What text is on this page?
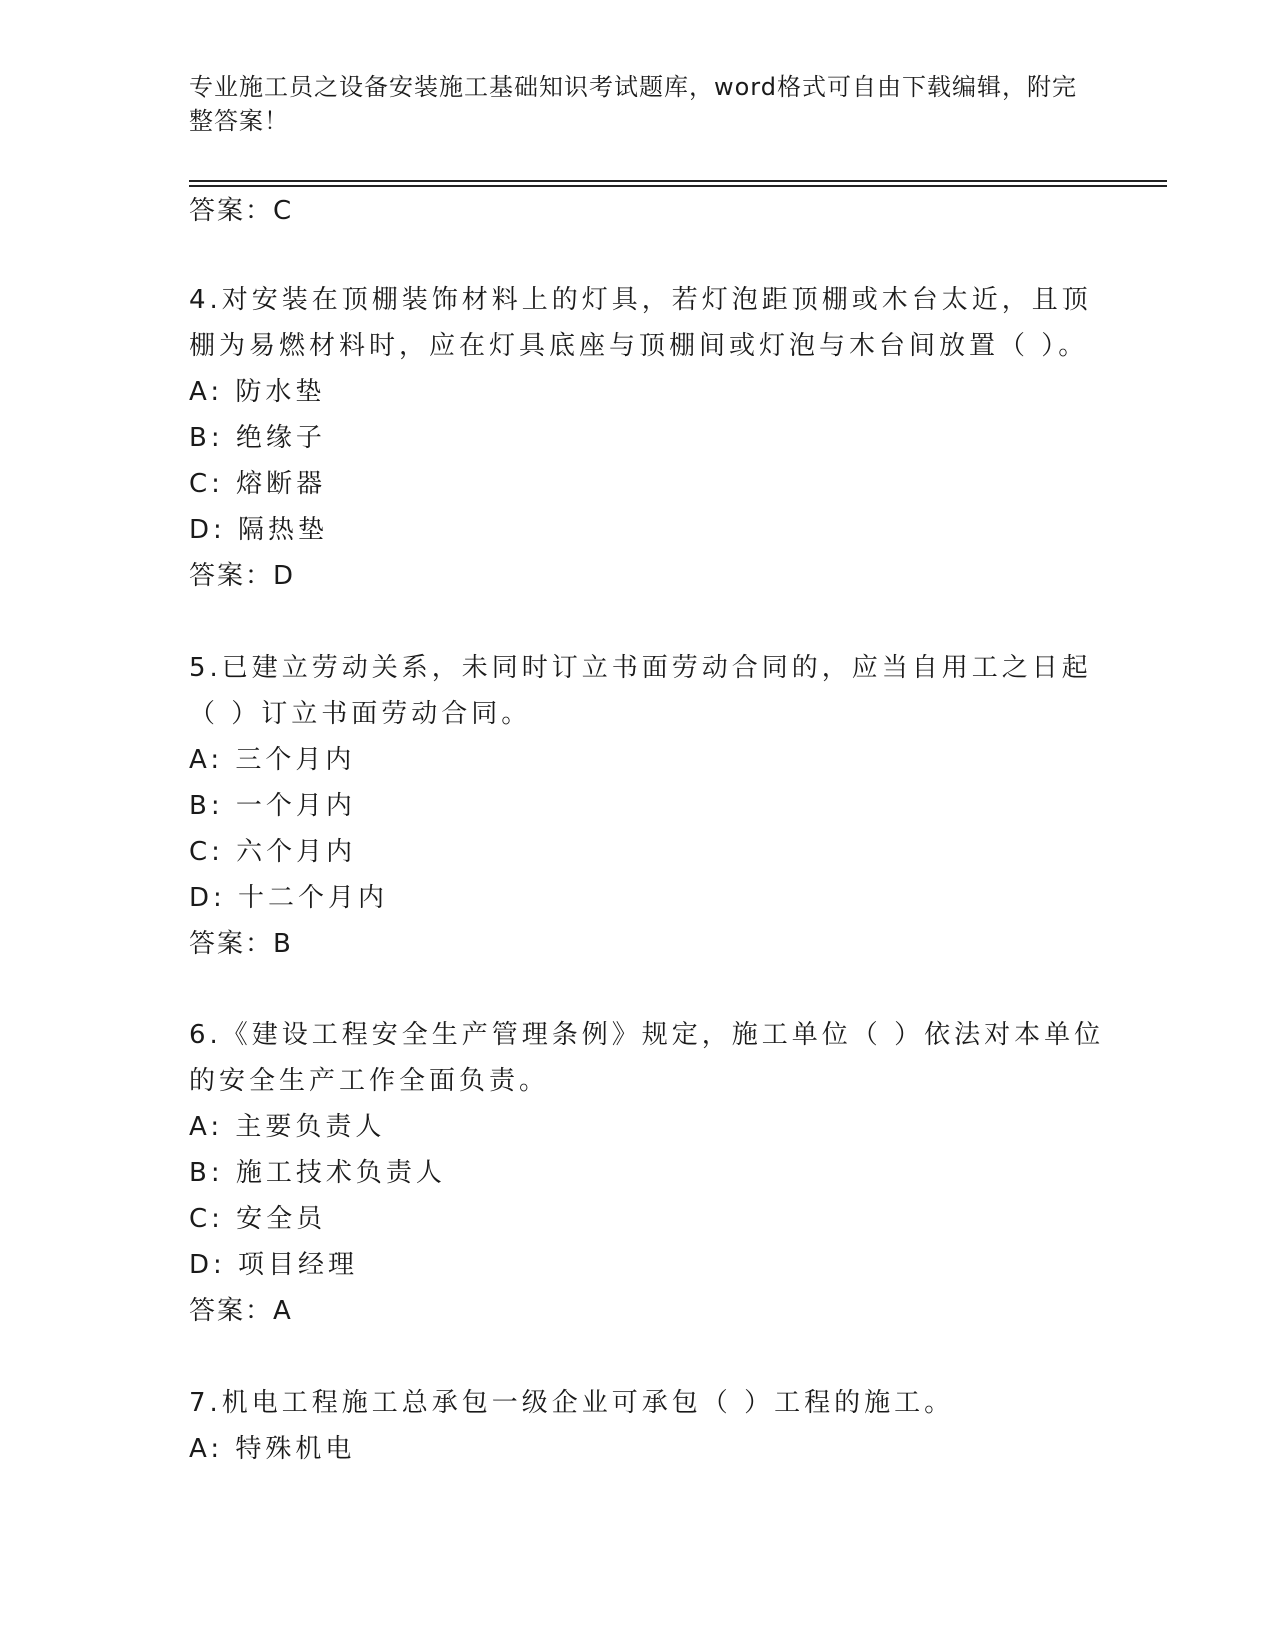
专业施工员之设备安装施工基础知识考试题库，word格式可自由下载编辑，附完
整答案！
答案：C
4.对安装在顶棚装饰材料上的灯具，若灯泡距顶棚或木台太近，且顶
棚为易燃材料时，应在灯具底座与顶棚间或灯泡与木台间放置（ ）。
A: 防水垫
B: 绝缘子
C: 熔断器
D: 隔热垫
答案：D
5.已建立劳动关系，未同时订立书面劳动合同的，应当自用工之日起
（ ）订立书面劳动合同。
A: 三个月内
B: 一个月内
C: 六个月内
D: 十二个月内
答案：B
6.《建设工程安全生产管理条例》规定，施工单位（ ）依法对本单位
的安全生产工作全面负责。
A: 主要负责人
B: 施工技术负责人
C: 安全员
D: 项目经理
答案：A
7.机电工程施工总承包一级企业可承包（ ）工程的施工。
A: 特殊机电
